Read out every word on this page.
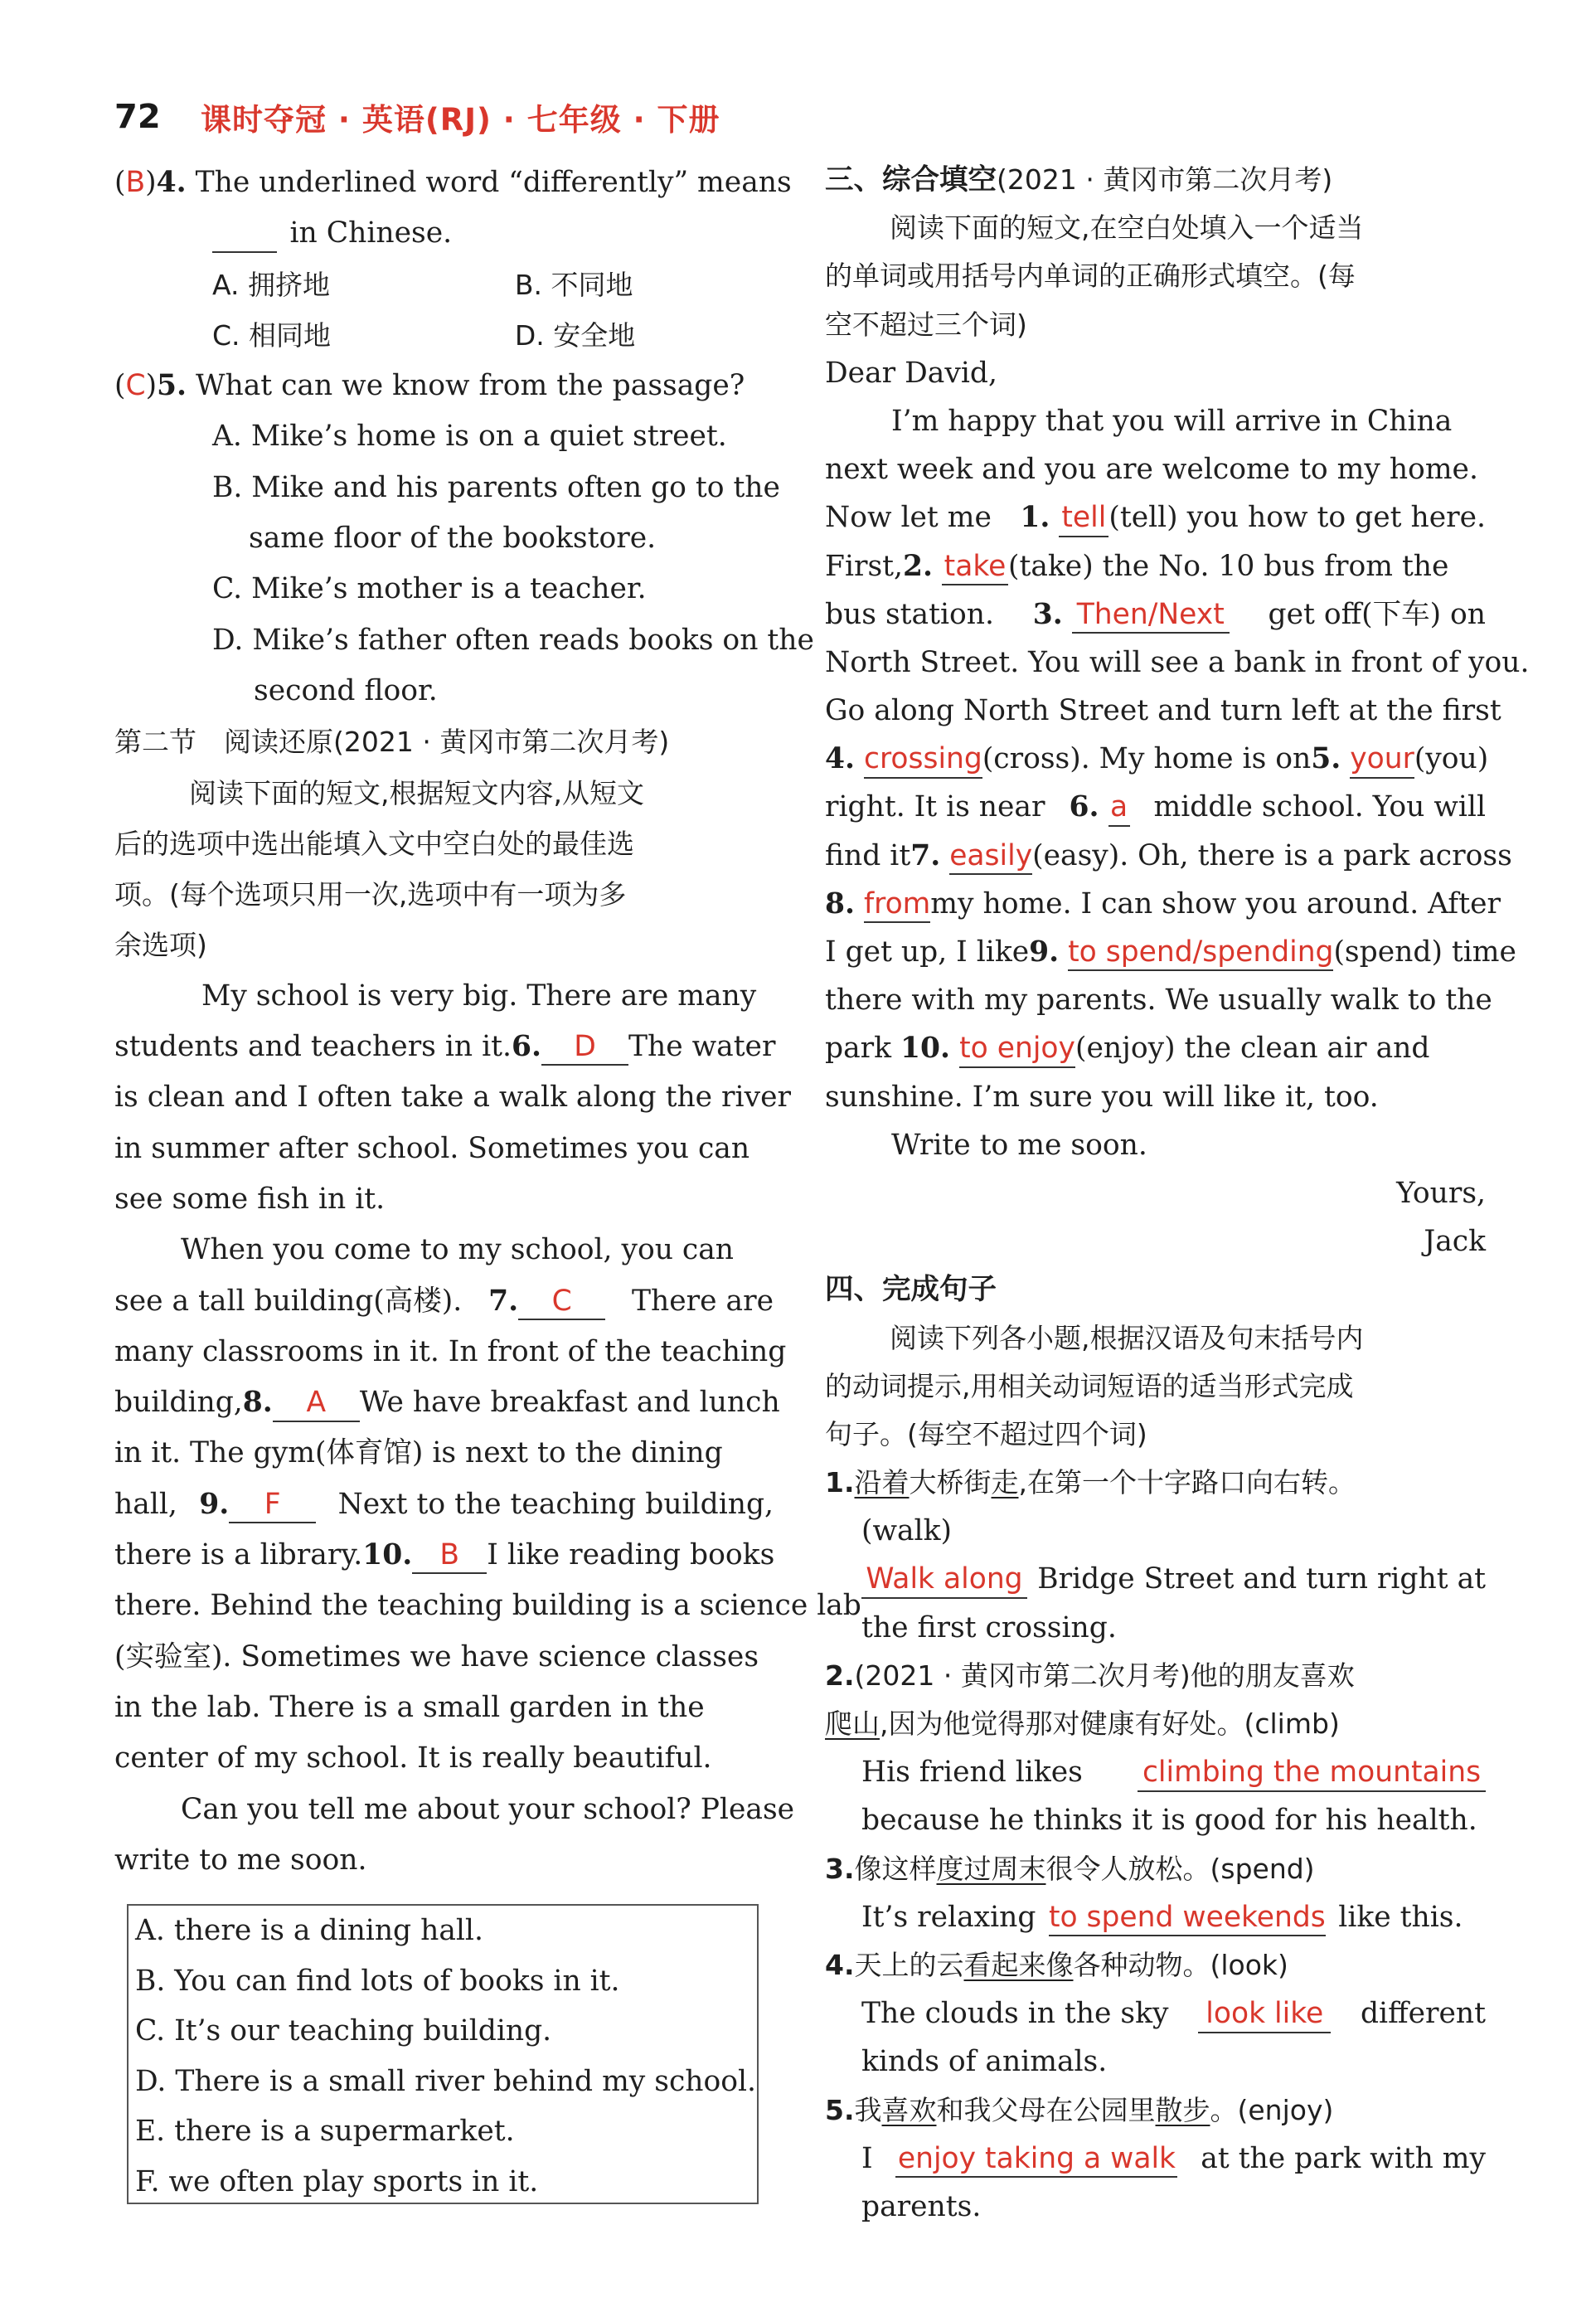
72 课时夺冠 · 英语(RJ) · 七年级 · 下册
(B)4. The underlined word “differently” means

in Chinese.
A. 拥挤地	B. 不同地
C. 相同地	D. 安全地
(C)5. What can we know from the passage?
A. Mike’s home is on a quiet street.
B. Mike and his parents often go to the
same floor of the bookstore.
C. Mike’s mother is a teacher.
D. Mike’s father often reads books on the
second floor.
第二节　阅读还原(2021 · 黄冈市第二次月考)
阅读下面的短文,根据短文内容,从短文
后的选项中选出能填入文中空白处的最佳选
项。(每个选项只用一次,选项中有一项为多
余选项)
My school is very big. There are many
students and teachers in it. 6. D	The water
is clean and I often take a walk along the river
in summer after school. Sometimes you can
see some fish in it.
When you come to my school, you can
see a tall building(高楼). 7. C	There are
many classrooms in it. In front of the teaching
building, 8. A	We have breakfast and lunch
in it. The gym(体育馆) is next to the dining
hall, 9. F	Next to the teaching building,
there is a library. 10. B I like reading books
there. Behind the teaching building is a science lab
(实验室). Sometimes we have science classes
in the lab. There is a small garden in the
center of my school. It is really beautiful.
Can you tell me about your school? Please
write to me soon.
A. there is a dining hall.
B. You can find lots of books in it.
C. It’s our teaching building.
D. There is a small river behind my school.
E. there is a supermarket.
F. we often play sports in it.
三、综合填空(2021 · 黄冈市第二次月考)
阅读下面的短文,在空白处填入一个适当
的单词或用括号内单词的正确形式填空。(每
空不超过三个词)
Dear David,
I’m happy that you will arrive in China
next week and you are welcome to my home.
Now let me 1. tell(tell) you how to get here.
First,2. take(take) the No. 10 bus from the
bus station. 3. Then/Next get off(下车) on
North Street. You will see a bank in front of you.
Go along North Street and turn left at the first
4. crossing(cross). My home is on 5. your(you)
right. It is near 6. a middle school. You will
find it 7. easily(easy). Oh, there is a park across
8. from my home. I can show you around. After
I get up, I like 9. to spend/spending(spend) time
there with my parents. We usually walk to the
park 10. to enjoy(enjoy) the clean air and
sunshine. I’m sure you will like it, too.
Write to me soon.
Yours,
Jack
四、完成句子
阅读下列各小题,根据汉语及句末括号内
的动词提示,用相关动词短语的适当形式完成
句子。(每空不超过四个词)
1.沿着大桥街走,在第一个十字路口向右转。
(walk)
Walk along Bridge Street and turn right at
the first crossing.
2.(2021 · 黄冈市第二次月考)他的朋友喜欢
爬山,因为他觉得那对健康有好处。(climb)
His friend likes climbing the mountains
because he thinks it is good for his health.
3.像这样度过周末很令人放松。(spend)
It’s relaxing to spend weekends like this.
4.天上的云看起来像各种动物。(look)
The clouds in the sky look like different
kinds of animals.
5.我喜欢和我父母在公园里散步。(enjoy)
I enjoy taking a walk at the park with my
parents.
